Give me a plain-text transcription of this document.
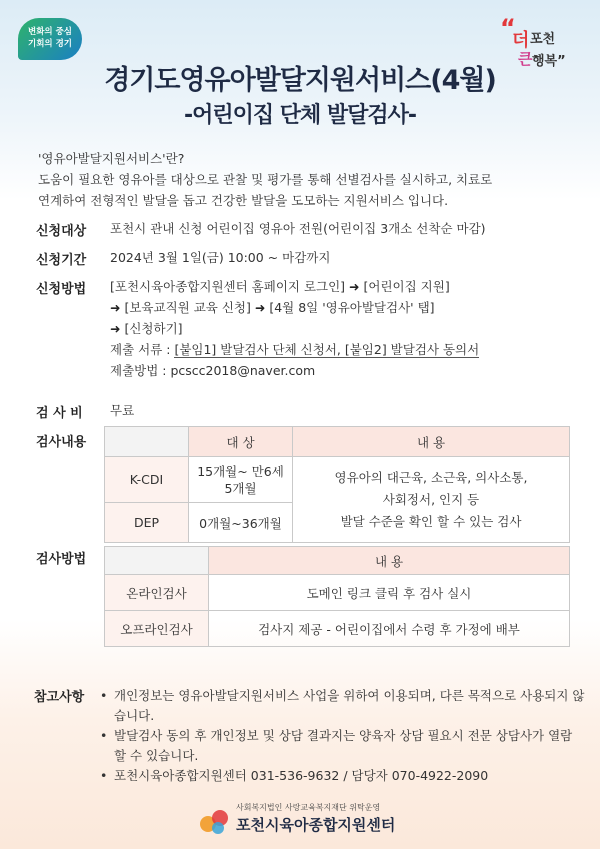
변화의 중심
기회의 경기
“
더 포천
큰 행복”
경기도영유아발달지원서비스(4월)
-어린이집 단체 발달검사-
'영유아발달지원서비스'란?
도움이 필요한 영유아를 대상으로 관찰 및 평가를 통해 선별검사를 실시하고, 치료로
연계하여 전형적인 발달을 돕고 건강한 발달을 도모하는 지원서비스 입니다.
신청대상 포천시 관내 신청 어린이집 영유아 전원(어린이집 3개소 선착순 마감)
신청기간 2024년 3월 1일(금) 10:00 ~ 마감까지
신청방법 [포천시육아종합지원센터 홈페이지 로그인] ➜ [어린이집 지원]
➜ [보육교직원 교육 신청] ➜ [4월 8일 '영유아발달검사' 탭]
➜ [신청하기]
제출 서류 : [붙임1] 발달검사 단체 신청서, [붙임2] 발달검사 동의서
제출방법 : pcscc2018@naver.com
검 사 비 무료
검사내용
		대 상	내 용
K-CDI	15개월~ 만6세 5개월	영유아의 대근육, 소근육, 의사소통,
사회정서, 인지 등
발달 수준을 확인 할 수 있는 검사

DEP	0개월~36개월	
검사방법
		내 용
온라인검사	도메인 링크 클릭 후 검사 실시
오프라인검사	검사지 제공 - 어린이집에서 수령 후 가정에 배부
참고사항	• 개인정보는 영유아발달지원서비스 사업을 위하여 이용되며, 다른 목적으로 사용되지 않습니다.
• 발달검사 동의 후 개인정보 및 상담 결과지는 양육자 상담 필요시 전문 상담사가 열람 할 수 있습니다.
• 포천시육아종합지원센터 031-536-9632 / 담당자 070-4922-2090
사회복지법인 사랑교육복지재단 위탁운영
포천시육아종합지원센터
